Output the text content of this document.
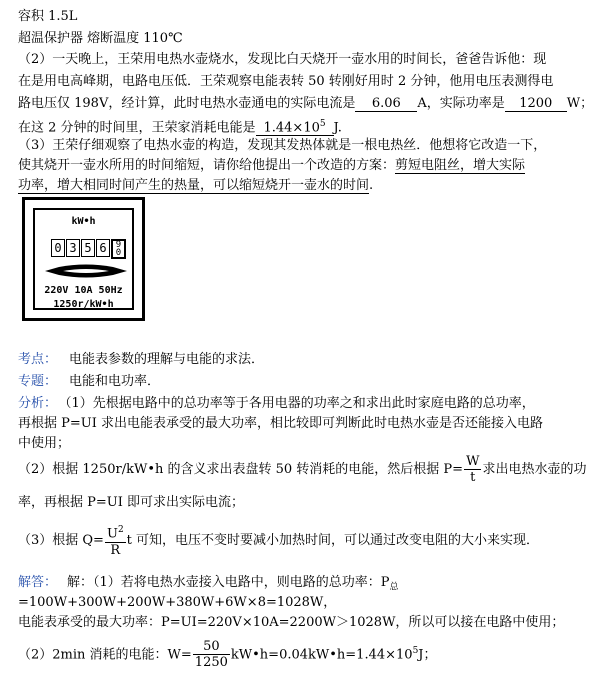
容积 1.5L
超温保护器 熔断温度 110℃
（2）一天晚上，王荣用电热水壶烧水，发现比白天烧开一壶水用的时间长，爸爸告诉他：现
在是用电高峰期，电路电压低．王荣观察电能表转 50 转刚好用时 2 分钟，他用电压表测得电
路电压仅 198V，经计算，此时电热水壶通电的实际电流是 6.06 A，实际功率是 1200 W；
在这 2 分钟的时间里，王荣家消耗电能是 $1.44\times 10^5$ J.
（3）王荣仔细观察了电热水壶的构造，发现其发热体就是一根电热丝．他想将它改造一下，
使其烧开一壶水所用的时间缩短，请你给他提出一个改造的方案：剪短电阻丝，增大实际
功率，增大相同时间产生的热量，可以缩短烧开一壶水的时间.
kW•h
0 3 5 6	9
0
220V 10A 50Hz
1250r/kW•h
考点： 电能表参数的理解与电能的求法．
专题： 电能和电功率．
分析： （1）先根据电路中的总功率等于各用电器的功率之和求出此时家庭电路的总功率，
再根据 P=UI 求出电能表承受的最大功率，相比较即可判断此时电热水壶是否还能接入电路
中使用；
（2）根据 1250r/kW•h 的含义求出表盘转 50 转消耗的电能，然后根据 $P= \frac{W}{t}$ 求出电热水壶的功
率，再根据 P=UI 即可求出实际电流；
（3）根据 $Q= \frac{U^2}{R}$ t 可知，电压不变时要减小加热时间，可以通过改变电阻的大小来实现．
解答： 解：（1）若将电热水壶接入电路中，则电路的总功率：$P_总$
=100W+300W+200W+380W+6W×8=1028W，
电能表承受的最大功率：P=UI=220V×10A=2200W＞1028W，所以可以接在电路中使用；
（2）2min 消耗的电能：$W= \frac{50}{1250}$ $kW•h=0.04kW•h=1.44\times 10^5J$；
